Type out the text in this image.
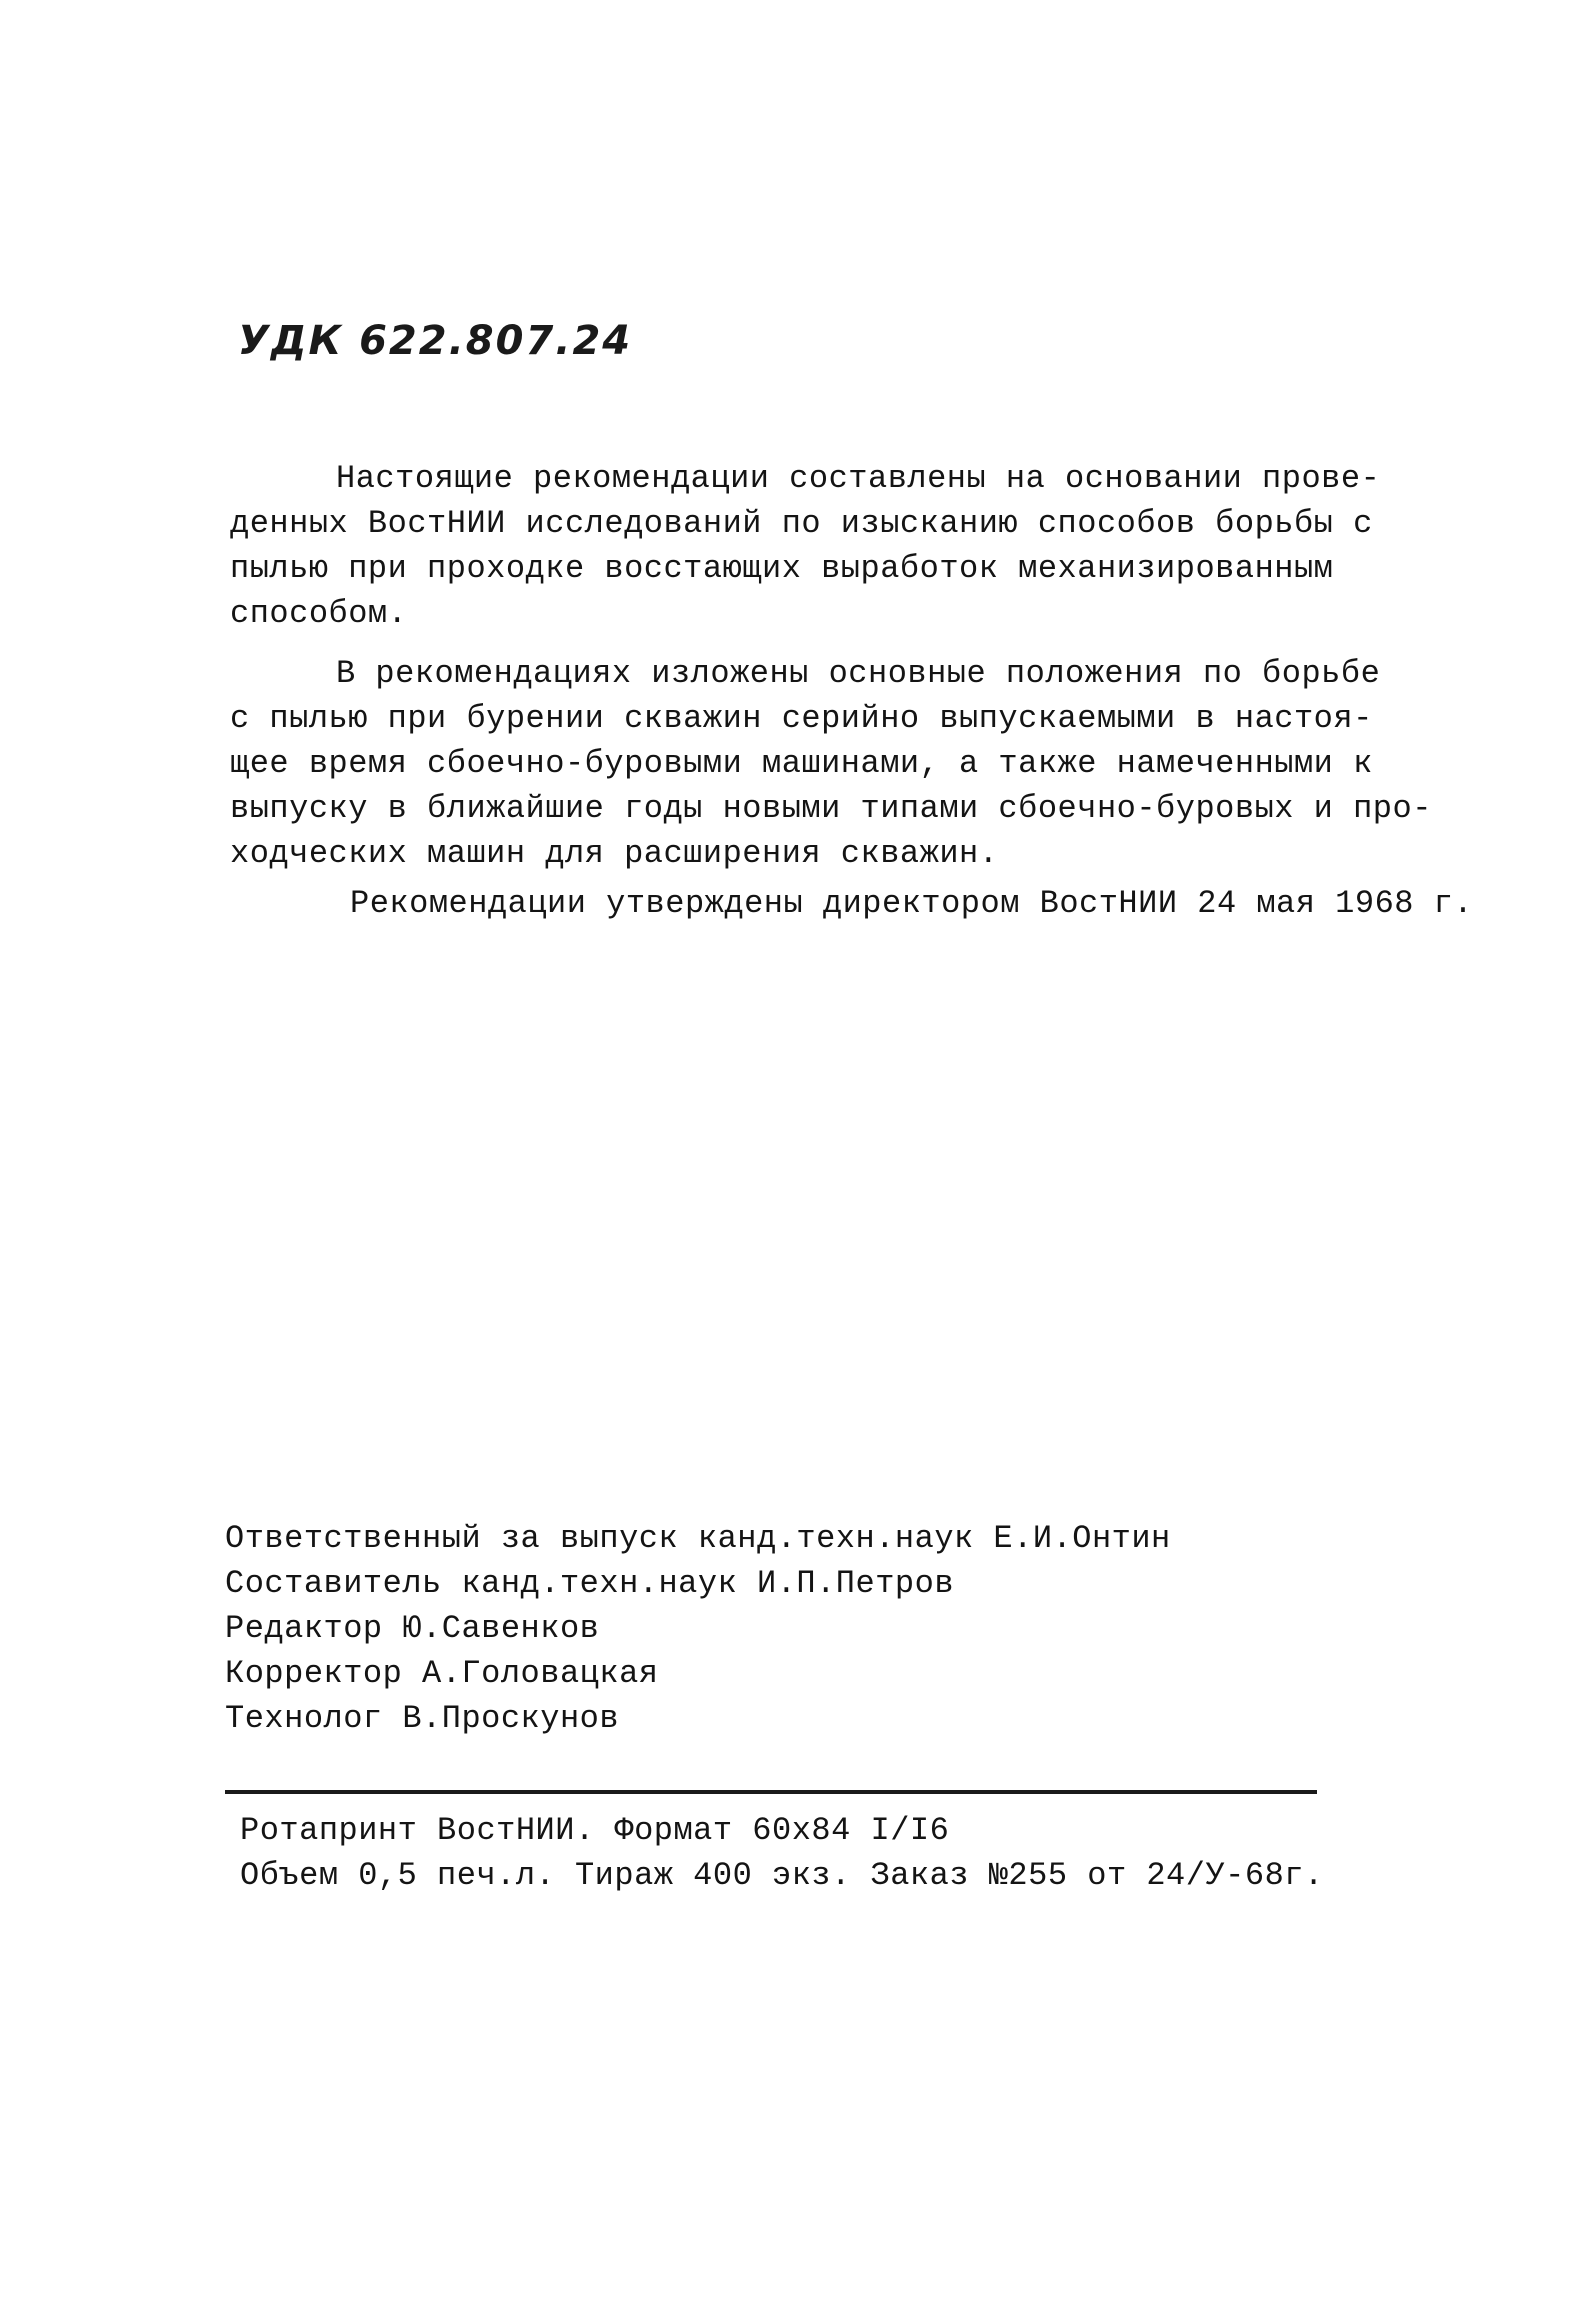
УДК 622.807.24
Настоящие рекомендации составлены на основании прове-
денных ВостНИИ исследований по изысканию способов борьбы с
пылью при проходке восстающих выработок механизированным
способом.
В рекомендациях изложены основные положения по борьбе
с пылью при бурении скважин серийно выпускаемыми в настоя-
щее время сбоечно-буровыми машинами, а также намеченными к
выпуску в ближайшие годы новыми типами сбоечно-буровых и про-
ходческих машин для расширения скважин.
Рекомендации утверждены директором ВостНИИ 24 мая 1968 г.
Ответственный за выпуск канд.техн.наук Е.И.Онтин
Составитель канд.техн.наук И.П.Петров
Редактор Ю.Савенков
Корректор А.Головацкая
Технолог В.Проскунов
Ротапринт ВостНИИ. Формат 60х84 I/I6
Объем 0,5 печ.л. Тираж 400 экз. Заказ №255 от 24/У-68г.
